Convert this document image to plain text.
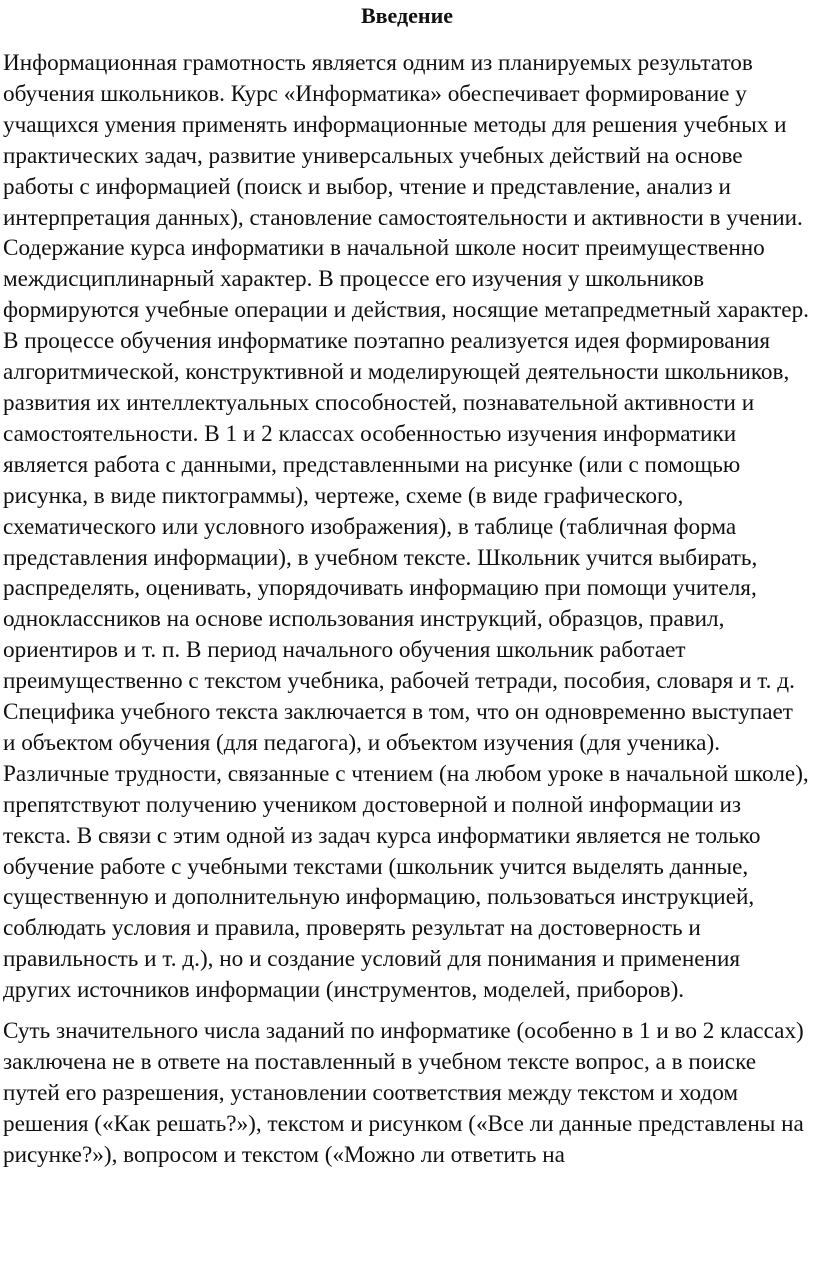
Введение

Информационная грамотность является одним из планируемых результатов обучения школьников. Курс «Информатика» обеспечивает формирование у учащихся умения применять информационные методы для решения учебных и практических задач, развитие универсальных учебных действий на основе работы с информацией (поиск и выбор, чтение и представление, анализ и интерпретация данных), становление самостоятельности и активности в учении. Содержание курса информатики в начальной школе носит преимущественно междисциплинарный характер. В процессе его изучения у школьников формируются учебные операции и действия, носящие метапредметный характер. В процессе обучения информатике поэтапно реализуется идея формирования алгоритмической, конструктивной и моделирующей деятельности школьников, развития их интеллектуальных способностей, познавательной активности и самостоятельности. В 1 и 2 классах особенностью изучения информатики является работа с данными, представленными на рисунке (или с помощью рисунка, в виде пиктограммы), чертеже, схеме (в виде графического, схематического или условного изображения), в таблице (табличная форма представления информации), в учебном тексте. Школьник учится выбирать, распределять, оценивать, упорядочивать информацию при помощи учителя, одноклассников на основе использования инструкций, образцов, правил, ориентиров и т. п. В период начального обучения школьник работает преимущественно с текстом учебника, рабочей тетради, пособия, словаря и т. д. Специфика учебного текста заключается в том, что он одновременно выступает и объектом обучения (для педагога), и объектом изучения (для ученика). Различные трудности, связанные с чтением (на любом уроке в начальной школе), препятствуют получению учеником достоверной и полной информации из текста. В связи с этим одной из задач курса информатики является не только обучение работе с учебными текстами (школьник учится выделять данные, существенную и дополнительную информацию, пользоваться инструкцией, соблюдать условия и правила, проверять результат на достоверность и правильность и т. д.), но и создание условий для понимания и применения других источников информации (инструментов, моделей, приборов).

Суть значительного числа заданий по информатике (особенно в 1 и во 2 классах) заключена не в ответе на поставленный в учебном тексте вопрос, а в поиске путей его разрешения, установлении соответствия между текстом и ходом решения («Как решать?»), текстом и рисунком («Все ли данные представлены на рисунке?»), вопросом и текстом («Можно ли ответить на
